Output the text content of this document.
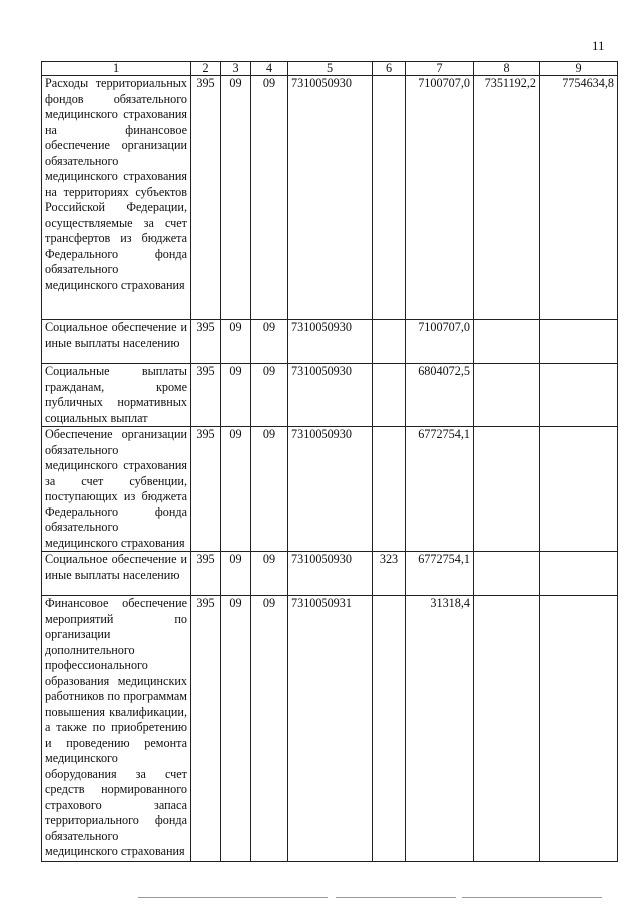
11
1	2	3	4	5	6	7	8	9
Расходы территориальных фондов обязательного медицинского страхования на финансовое обеспечение организации обязательного медицинского страхования на территориях субъектов Российской Федерации, осуществляемые за счет трансфертов из бюджета Федерального фонда обязательного медицинского страхования	395	09	09	7310050930		7100707,0	7351192,2	7754634,8
Социальное обеспечение и иные выплаты населению	395	09	09	7310050930		7100707,0		
Социальные выплаты гражданам, кроме публичных нормативных социальных выплат	395	09	09	7310050930		6804072,5		
Обеспечение организации обязательного медицинского страхования за счет субвенции, поступающих из бюджета Федерального фонда обязательного медицинского страхования	395	09	09	7310050930		6772754,1		
Социальное обеспечение и иные выплаты населению	395	09	09	7310050930	323	6772754,1		
Финансовое обеспечение мероприятий по организации дополнительного профессионального образования медицинских работников по программам повышения квалификации, а также по приобретению и проведению ремонта медицинского оборудования за счет средств нормированного страхового запаса территориального фонда обязательного медицинского страхования	395	09	09	7310050931		31318,4		
